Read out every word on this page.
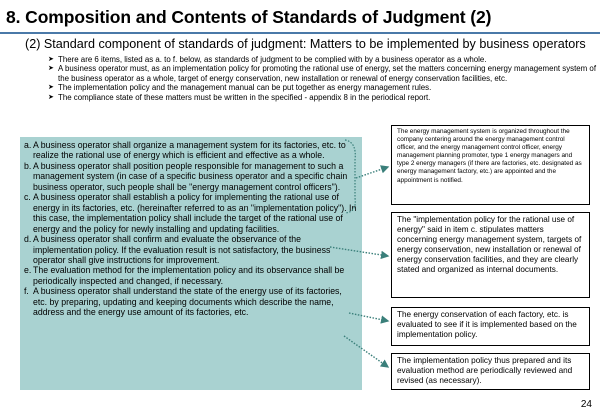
8. Composition and Contents of Standards of Judgment (2)
(2) Standard component of standards of judgment: Matters to be implemented by business operators
➤ There are 6 items, listed as a. to f. below, as standards of judgment to be complied with by a business operator as a whole.
➤ A business operator must, as an implementation policy for promoting the rational use of energy, set the matters concerning energy management system of the business operator as a whole, target of energy conservation, new installation or renewal of energy conservation facilities, etc.
➤ The implementation policy and the management manual can be put together as energy management rules.
➤ The compliance state of these matters must be written in the specified - appendix 8 in the periodical report.

a. A business operator shall organize a management system for its factories, etc. to realize the rational use of energy which is efficient and effective as a whole.

b. A business operator shall position people responsible for management to such a management system (in case of a specific business operator and a specific chain business operator, such people shall be "energy management control officers").

c. A business operator shall establish a policy for implementing the rational use of energy in its factories, etc. (hereinafter referred to as an "implementation policy"). In this case, the implementation policy shall include the target of the rational use of energy and the policy for newly installing and updating facilities.

d. A business operator shall confirm and evaluate the observance of the implementation policy. If the evaluation result is not satisfactory, the business operator shall give instructions for improvement.

e. The evaluation method for the implementation policy and its observance shall be periodically inspected and changed, if necessary.

f. A business operator shall understand the state of the energy use of its factories, etc. by preparing, updating and keeping documents which describe the name, address and the energy use amount of its factories, etc.

The energy management system is organized throughout the company centering around the energy management control officer, and the energy management control officer, energy management planning promoter, type 1 energy managers and type 2 energy managers (if there are factories, etc. designated as energy management factory, etc.) are appointed and the appointment is notified.
The "implementation policy for the rational use of energy" said in item c. stipulates matters concerning energy management system, targets of energy conservation, new installation or renewal of energy conservation facilities, and they are clearly stated and organized as internal documents.
The energy conservation of each factory, etc. is evaluated to see if it is implemented based on the implementation policy.
The implementation policy thus prepared and its evaluation method are periodically reviewed and revised (as necessary).
24
